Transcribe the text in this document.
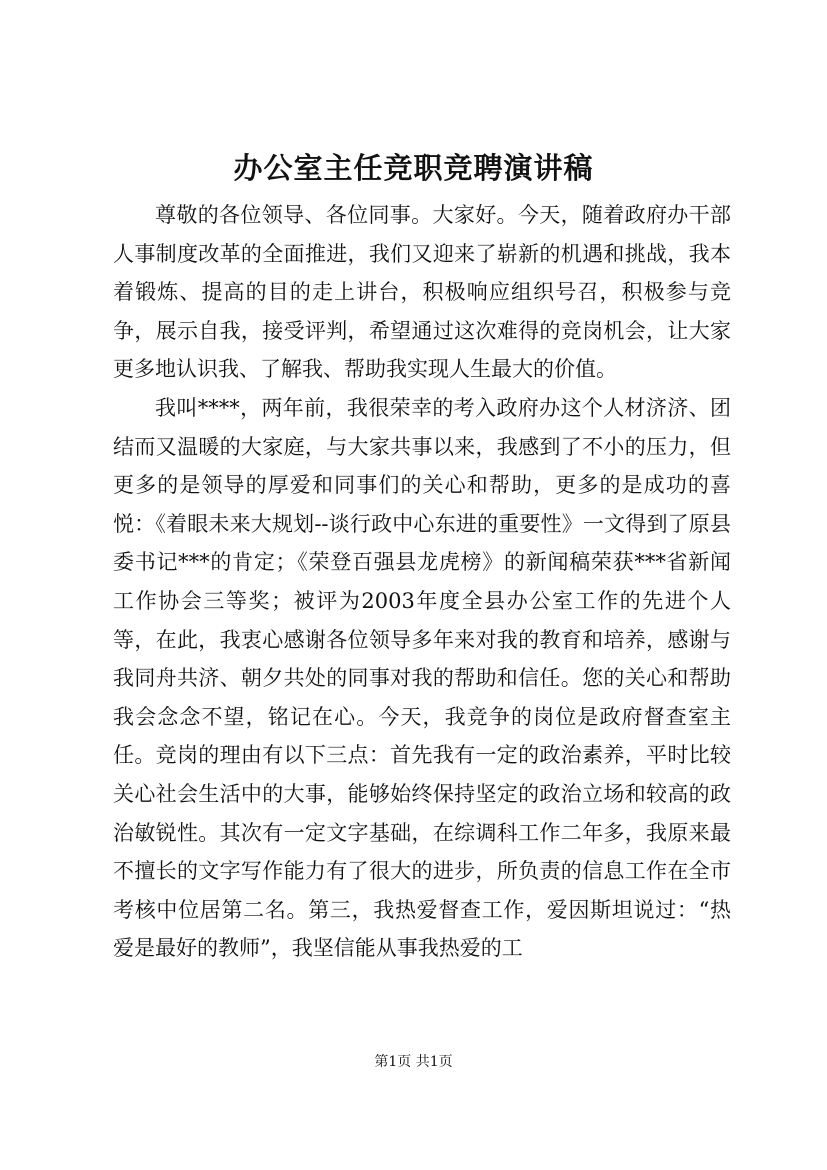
办公室主任竞职竞聘演讲稿

尊敬的各位领导、各位同事。大家好。今天，随着政府办干部人事制度改革的全面推进，我们又迎来了崭新的机遇和挑战，我本着锻炼、提高的目的走上讲台，积极响应组织号召，积极参与竞争，展示自我，接受评判，希望通过这次难得的竞岗机会，让大家更多地认识我、了解我、帮助我实现人生最大的价值。

我叫****，两年前，我很荣幸的考入政府办这个人材济济、团结而又温暖的大家庭，与大家共事以来，我感到了不小的压力，但更多的是领导的厚爱和同事们的关心和帮助，更多的是成功的喜悦：《着眼未来大规划--谈行政中心东进的重要性》一文得到了原县委书记***的肯定；《荣登百强县龙虎榜》的新闻稿荣获***省新闻工作协会三等奖；被评为2003年度全县办公室工作的先进个人等，在此，我衷心感谢各位领导多年来对我的教育和培养，感谢与我同舟共济、朝夕共处的同事对我的帮助和信任。您的关心和帮助我会念念不望，铭记在心。今天，我竞争的岗位是政府督查室主任。竞岗的理由有以下三点：首先我有一定的政治素养，平时比较关心社会生活中的大事，能够始终保持坚定的政治立场和较高的政治敏锐性。其次有一定文字基础，在综调科工作二年多，我原来最不擅长的文字写作能力有了很大的进步，所负责的信息工作在全市考核中位居第二名。第三，我热爱督查工作，爱因斯坦说过：“热爱是最好的教师”，我坚信能从事我热爱的工

第1页 共1页
